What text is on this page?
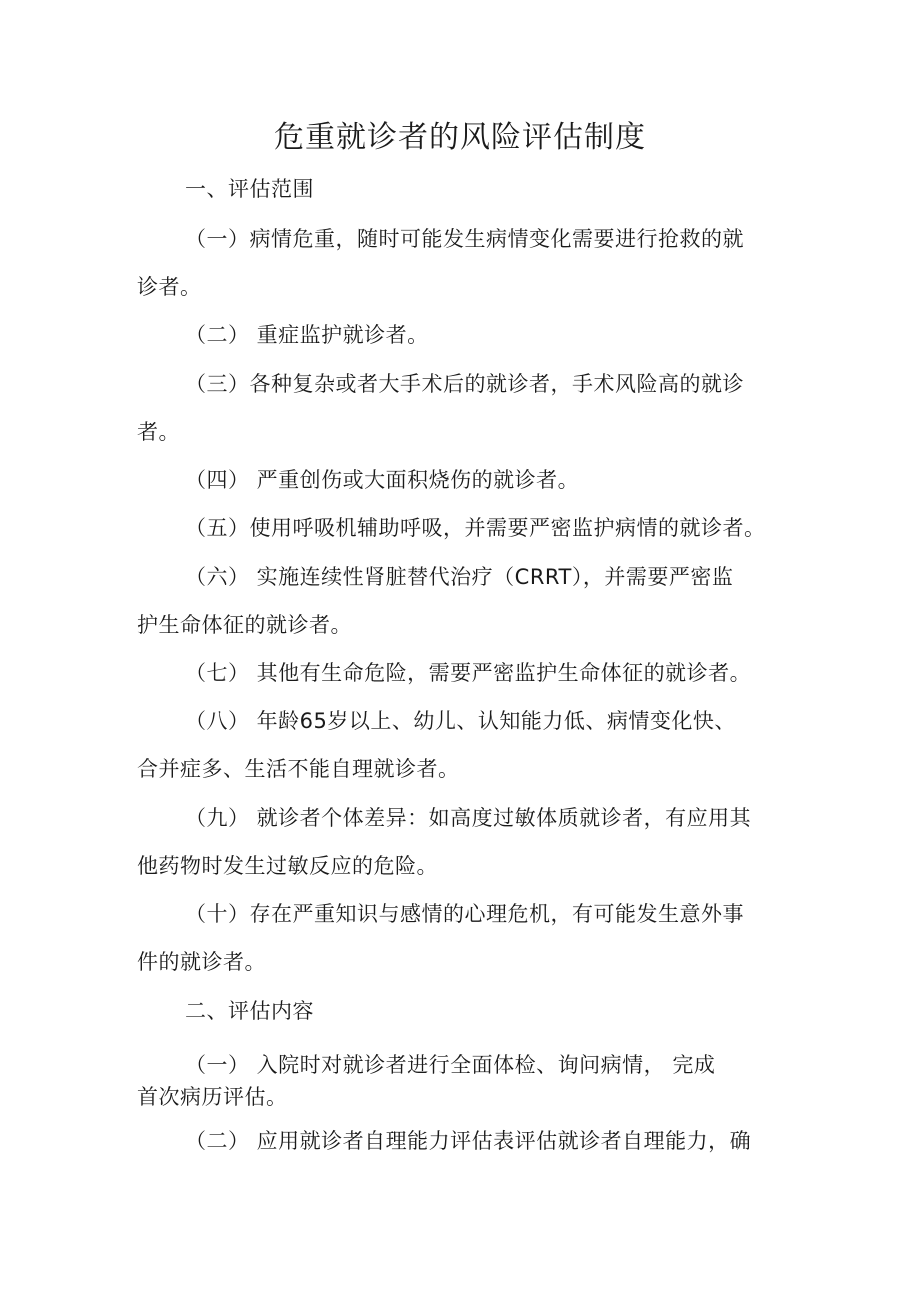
危重就诊者的风险评估制度
一、评估范围
（一）病情危重，随时可能发生病情变化需要进行抢救的就
诊者。
（二） 重症监护就诊者。
（三）各种复杂或者大手术后的就诊者，手术风险高的就诊
者。
（四） 严重创伤或大面积烧伤的就诊者。
（五）使用呼吸机辅助呼吸，并需要严密监护病情的就诊者。
（六） 实施连续性肾脏替代治疗（CRRT），并需要严密监
护生命体征的就诊者。
（七） 其他有生命危险，需要严密监护生命体征的就诊者。
（八） 年龄65岁以上、幼儿、认知能力低、病情变化快、
合并症多、生活不能自理就诊者。
（九） 就诊者个体差异：如高度过敏体质就诊者，有应用其
他药物时发生过敏反应的危险。
（十）存在严重知识与感情的心理危机，有可能发生意外事
件的就诊者。
二、评估内容
（一） 入院时对就诊者进行全面体检、询问病情， 完成
首次病历评估。
（二） 应用就诊者自理能力评估表评估就诊者自理能力，确
